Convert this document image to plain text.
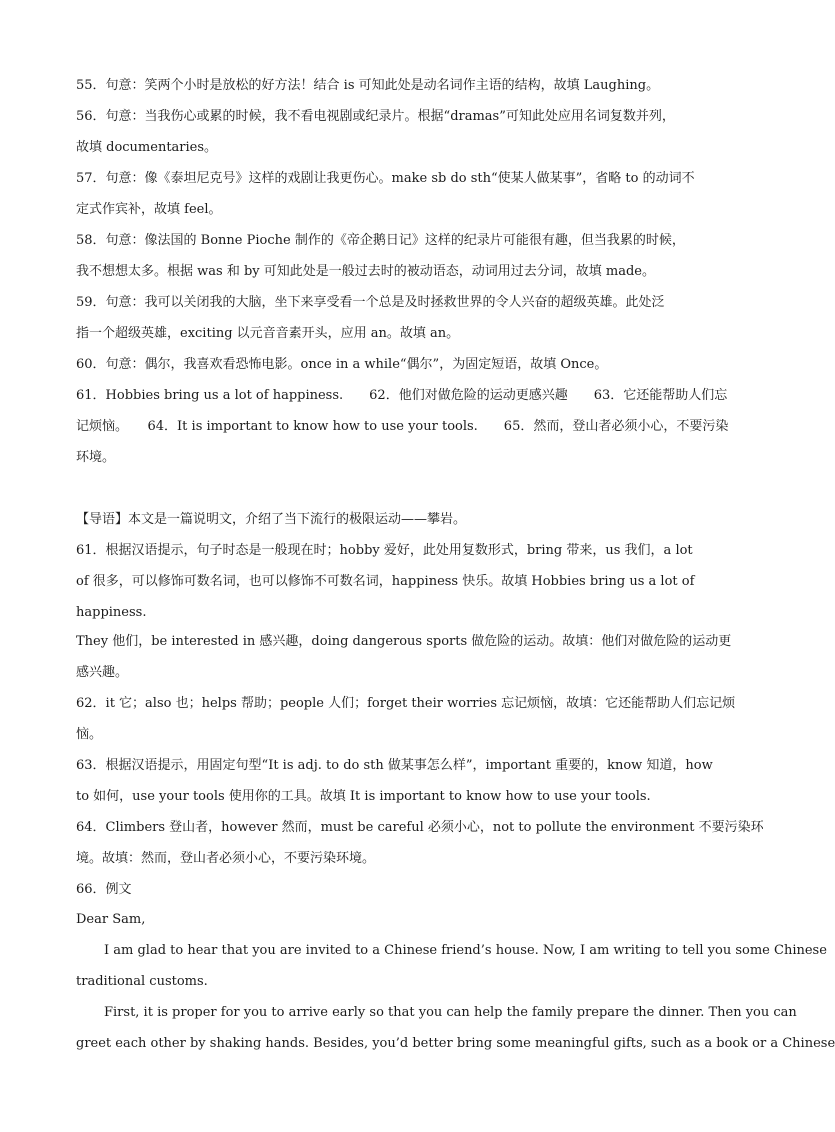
55．句意：笑两个小时是放松的好方法！结合 is 可知此处是动名词作主语的结构，故填 Laughing。
56．句意：当我伤心或累的时候，我不看电视剧或纪录片。根据“dramas”可知此处应用名词复数并列，
故填 documentaries。
57．句意：像《泰坦尼克号》这样的戏剧让我更伤心。make sb do sth“使某人做某事”，省略 to 的动词不
定式作宾补，故填 feel。
58．句意：像法国的 Bonne Pioche 制作的《帝企鹅日记》这样的纪录片可能很有趣，但当我累的时候，
我不想想太多。根据 was 和 by 可知此处是一般过去时的被动语态，动词用过去分词，故填 made。
59．句意：我可以关闭我的大脑，坐下来享受看一个总是及时拯救世界的令人兴奋的超级英雄。此处泛
指一个超级英雄，exciting 以元音音素开头，应用 an。故填 an。
60．句意：偶尔，我喜欢看恐怖电影。once in a while“偶尔”，为固定短语，故填 Once。
61．Hobbies bring us a lot of happiness.　　62．他们对做危险的运动更感兴趣　　63．它还能帮助人们忘
记烦恼。　　64．It is important to know how to use your tools.　　65．然而，登山者必须小心，不要污染
环境。
【导语】本文是一篇说明文，介绍了当下流行的极限运动——攀岩。
61．根据汉语提示，句子时态是一般现在时；hobby 爱好，此处用复数形式，bring 带来，us 我们，a lot
of 很多，可以修饰可数名词，也可以修饰不可数名词，happiness 快乐。故填 Hobbies bring us a lot of
happiness.
They 他们，be interested in 感兴趣，doing dangerous sports 做危险的运动。故填：他们对做危险的运动更
感兴趣。
62．it 它；also 也；helps 帮助；people 人们；forget their worries 忘记烦恼，故填：它还能帮助人们忘记烦
恼。
63．根据汉语提示，用固定句型“It is adj. to do sth 做某事怎么样”，important 重要的，know 知道，how
to 如何，use your tools 使用你的工具。故填 It is important to know how to use your tools.
64．Climbers 登山者，however 然而，must be careful 必须小心，not to pollute the environment 不要污染环
境。故填：然而，登山者必须小心，不要污染环境。
66．例文
Dear Sam,
I am glad to hear that you are invited to a Chinese friend’s house. Now, I am writing to tell you some Chinese
traditional customs.
First, it is proper for you to arrive early so that you can help the family prepare the dinner. Then you can
greet each other by shaking hands. Besides, you’d better bring some meaningful gifts, such as a book or a Chinese
